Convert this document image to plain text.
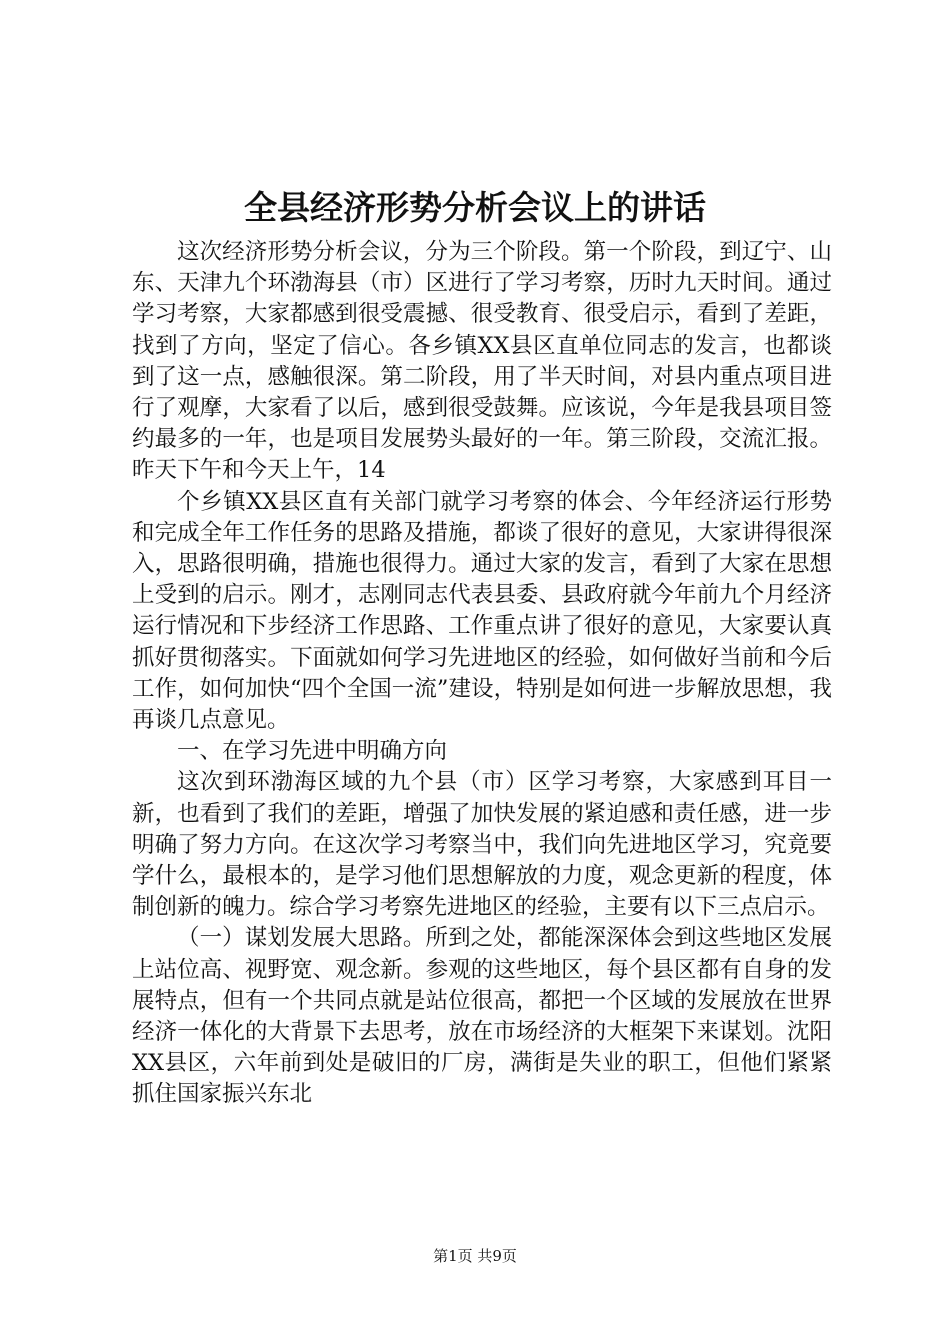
全县经济形势分析会议上的讲话

这次经济形势分析会议，分为三个阶段。第一个阶段，到辽宁、山东、天津九个环渤海县（市）区进行了学习考察，历时九天时间。通过学习考察，大家都感到很受震撼、很受教育、很受启示，看到了差距，找到了方向，坚定了信心。各乡镇XX县区直单位同志的发言，也都谈到了这一点，感触很深。第二阶段，用了半天时间，对县内重点项目进行了观摩，大家看了以后，感到很受鼓舞。应该说，今年是我县项目签约最多的一年，也是项目发展势头最好的一年。第三阶段，交流汇报。昨天下午和今天上午，14

个乡镇XX县区直有关部门就学习考察的体会、今年经济运行形势和完成全年工作任务的思路及措施，都谈了很好的意见，大家讲得很深入，思路很明确，措施也很得力。通过大家的发言，看到了大家在思想上受到的启示。刚才，志刚同志代表县委、县政府就今年前九个月经济运行情况和下步经济工作思路、工作重点讲了很好的意见，大家要认真抓好贯彻落实。下面就如何学习先进地区的经验，如何做好当前和今后工作，如何加快“四个全国一流”建设，特别是如何进一步解放思想，我再谈几点意见。

一、在学习先进中明确方向

这次到环渤海区域的九个县（市）区学习考察，大家感到耳目一新，也看到了我们的差距，增强了加快发展的紧迫感和责任感，进一步明确了努力方向。在这次学习考察当中，我们向先进地区学习，究竟要学什么，最根本的，是学习他们思想解放的力度，观念更新的程度，体制创新的魄力。综合学习考察先进地区的经验，主要有以下三点启示。

（一）谋划发展大思路。所到之处，都能深深体会到这些地区发展上站位高、视野宽、观念新。参观的这些地区，每个县区都有自身的发展特点，但有一个共同点就是站位很高，都把一个区域的发展放在世界经济一体化的大背景下去思考，放在市场经济的大框架下来谋划。沈阳XX县区，六年前到处是破旧的厂房，满街是失业的职工，但他们紧紧抓住国家振兴东北

第1页 共9页
